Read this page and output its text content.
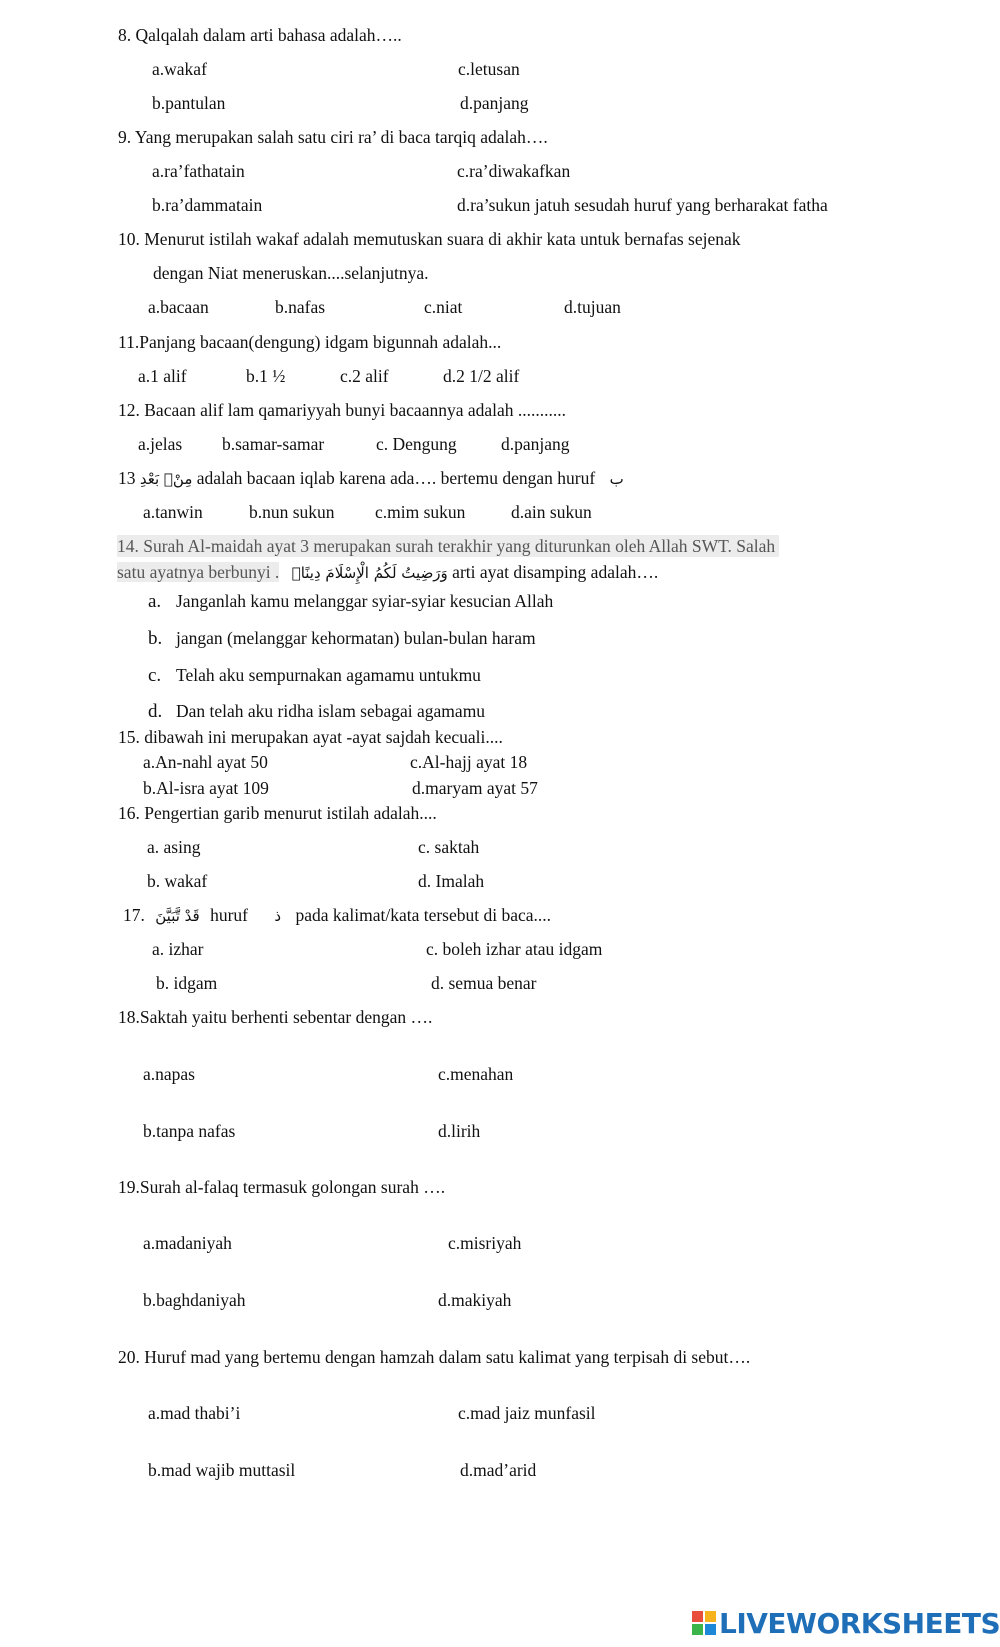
8. Qalqalah dalam arti bahasa adalah…..
a.wakaf	c.letusan
b.pantulan	d.panjang
9. Yang merupakan salah satu ciri ra’ di baca tarqiq adalah….
a.ra’fathatain	c.ra’diwakafkan
b.ra’dammatain	d.ra’sukun jatuh sesudah huruf yang berharakat fatha
10. Menurut istilah wakaf adalah memutuskan suara di akhir kata untuk bernafas sejenak
dengan Niat meneruskan....selanjutnya.
a.bacaan	b.nafas	c.niat	d.tujuan
11.Panjang bacaan(dengung) idgam bigunnah adalah...
a.1 alif	b.1 ½	c.2 alif	d.2 1/2 alif
12. Bacaan alif lam qamariyyah bunyi bacaannya adalah ...........
a.jelas b.samar-samar	c. Dengung	d.panjang
13 مِنْۢ بَعْدِ adalah bacaan iqlab karena ada…. bertemu dengan huruf ب
a.tanwin	b.nun sukun c.mim sukun	d.ain sukun
14. Surah Al-maidah ayat 3 merupakan surah terakhir yang diturunkan oleh Allah SWT. Salah
satu ayatnya berbunyi . وَرَضِيتُ لَكُمُ الْإِسْلَامَ دِينًاۚ arti ayat disamping adalah….
a. Janganlah kamu melanggar syiar-syiar kesucian Allah
b. jangan (melanggar kehormatan) bulan-bulan haram
c. Telah aku sempurnakan agamamu untukmu
d. Dan telah aku ridha islam sebagai agamamu
15. dibawah ini merupakan ayat -ayat sajdah kecuali....
a.An-nahl ayat 50	c.Al-hajj ayat 18
b.Al-isra ayat 109	d.maryam ayat 57
16. Pengertian garib menurut istilah adalah....
a. asing	c. saktah
b. wakaf	d. Imalah
17. قَدْ تَّبَيَّنَ huruf ذ pada kalimat/kata tersebut di baca....
a. izhar	c. boleh izhar atau idgam
b. idgam	d. semua benar
18.Saktah yaitu berhenti sebentar dengan ….
a.napas	c.menahan
b.tanpa nafas	d.lirih
19.Surah al-falaq termasuk golongan surah ….
a.madaniyah	c.misriyah
b.baghdaniyah	d.makiyah
20. Huruf mad yang bertemu dengan hamzah dalam satu kalimat yang terpisah di sebut….
a.mad thabi’i	c.mad jaiz munfasil
b.mad wajib muttasil	d.mad’arid
LIVEWORKSHEETS
